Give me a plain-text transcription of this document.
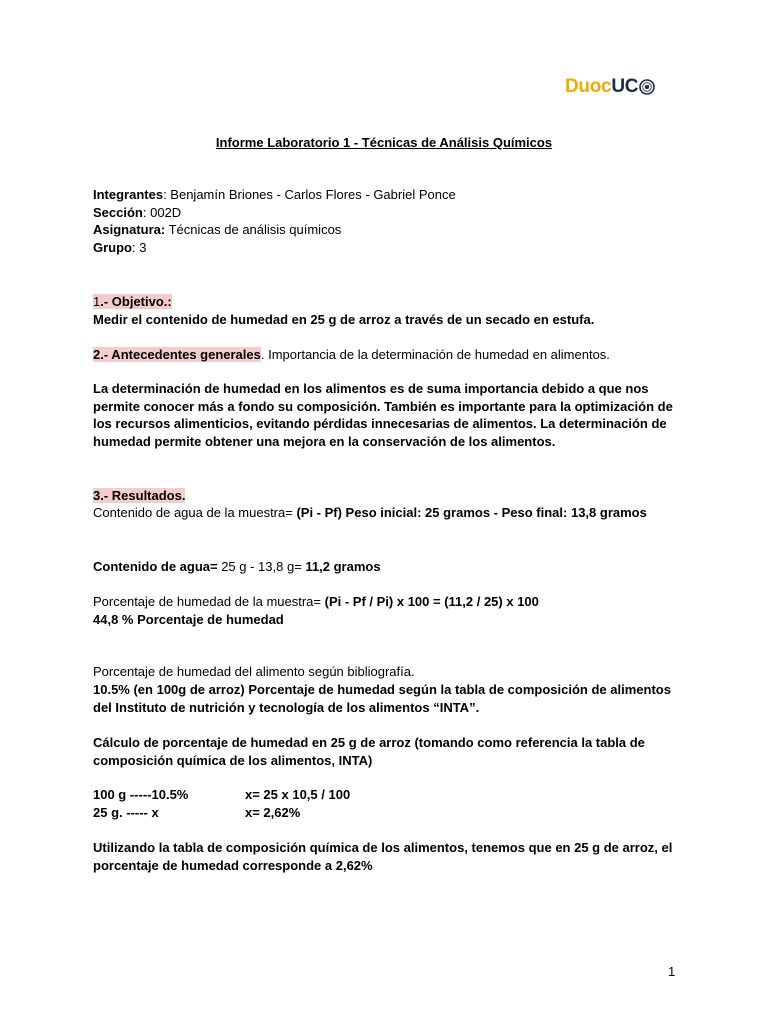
DuocUC
Informe Laboratorio 1 - Técnicas de Análisis Químicos
Integrantes: Benjamín Briones - Carlos Flores - Gabriel Ponce
Sección: 002D
Asignatura: Técnicas de análisis químicos
Grupo: 3
1.- Objetivo.:
Medir el contenido de humedad en 25 g de arroz a través de un secado en estufa.
2.- Antecedentes generales. Importancia de la determinación de humedad en alimentos.
La determinación de humedad en los alimentos es de suma importancia debido a que nos permite conocer más a fondo su composición. También es importante para la optimización de los recursos alimenticios, evitando pérdidas innecesarias de alimentos. La determinación de humedad permite obtener una mejora en la conservación de los alimentos.
3.- Resultados.
Contenido de agua de la muestra= (Pi - Pf) Peso inicial: 25 gramos - Peso final: 13,8 gramos
Contenido de agua= 25 g - 13,8 g= 11,2 gramos
Porcentaje de humedad de la muestra= (Pi - Pf / Pi) x 100 = (11,2 / 25) x 100
44,8 % Porcentaje de humedad
Porcentaje de humedad del alimento según bibliografía.
10.5% (en 100g de arroz) Porcentaje de humedad según la tabla de composición de alimentos del Instituto de nutrición y tecnología de los alimentos “INTA”.
Cálculo de porcentaje de humedad en 25 g de arroz (tomando como referencia la tabla de composición química de los alimentos, INTA)
100 g -----10.5%	x= 25 x 10,5 / 100
25 g. ----- x	x= 2,62%
Utilizando la tabla de composición química de los alimentos, tenemos que en 25 g de arroz, el porcentaje de humedad corresponde a 2,62%
1
